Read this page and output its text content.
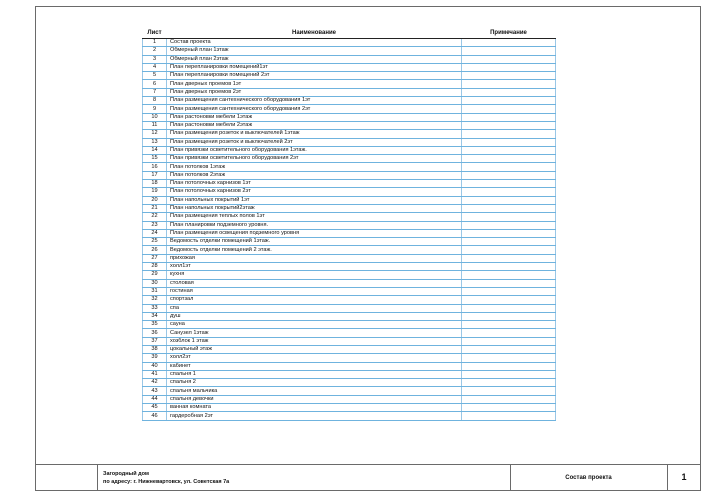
Лист	Наименование	Примечание
1	Состав проекта	
2	Обмерный план 1этаж	
3	Обмерный план 2этаж	
4	План перепланировки помещений1эт	
5	План перепланировки помещений 2эт	
6	План дверных проемов 1эт	
7	План дверных проемов 2эт	
8	План размещения сантехнического оборудования 1эт	
9	План размещения сантехнического оборудования 2эт	
10	План растоновки мебели 1этаж	
11	План растоновки мебели 2этаж	
12	План размещения розеток и выключателей 1этаж	
13	План размещения розеток и выключателей 2эт	
14	План привязки осветительного оборудования 1этаж.	
15	План привязки осветительного оборудования 2эт	
16	План потолков 1этаж	
17	План потолков 2этаж	
18	План потолочных карнизов 1эт	
19	План потолочных карнизов 2эт	
20	План напольных покрытий 1эт	
21	План напольных покрытий2этаж	
22	План размещения теплых полов 1эт	
23	План планировки подземного уровня.	
24	План размещения освещения подземного уровня	
25	Ведомость отделки помещений 1этаж.	
26	Ведомость отделки помещений 2 этаж.	
27	прихожая	
28	холл1эт	
29	кухня	
30	столовая	
31	гостиная	
32	спортзал	
33	спа	
34	душ	
35	сауна	
36	Санузел 1этаж	
37	хозблок 1 этаж	
38	цокальный этаж	
39	холл2эт	
40	кабинет	
41	спальня 1	
42	спальня 2	
43	спальня мальчика	
44	спальня девочки	
45	ванная комната	
46	гардеробная 2эт	
Загородный дом
по адресу: г. Нижневартовск, ул. Советская 7а
Состав проекта	1
